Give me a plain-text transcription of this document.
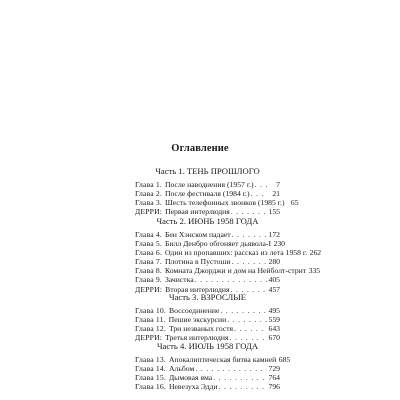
Оглавление
Часть 1. ТЕНЬ ПРОШЛОГО
Глава 1. После наводнения (1957 г.) . . .	7
Глава 2. После фестиваля (1984 г.) . . .	21
Глава 3. Шесть телефонных звонков (1985 г.) 65
ДЕРРИ: Первая интерлюдия . . .	155
Часть 2. ИЮНЬ 1958 ГОДА
Глава 4. Бен Хэнском падает . . .	172
Глава 5. Билл Денбро обгоняет дьявола-I 230
Глава 6. Один из пропавших: рассказ из лета 1958 г. 262
Глава 7. Плотина в Пустоши . . .	280
Глава 8. Комната Джорджи и дом на Нейболт-стрит 335
Глава 9. Зачистка . . .	405
ДЕРРИ: Вторая интерлюдия . . .	457
Часть 3. ВЗРОСЛЫЕ
Глава 10. Воссоединение . . .	495
Глава 11. Пешие экскурсии . . .	559
Глава 12. Три незваных гостя . . .	643
ДЕРРИ: Третья интерлюдия . . .	670
Часть 4. ИЮЛЬ 1958 ГОДА
Глава 13. Апокалиптическая битва камней 685
Глава 14. Альбом . . .	729
Глава 15. Дымовая яма . . .	764
Глава 16. Невезуха Эдди . . .	796
